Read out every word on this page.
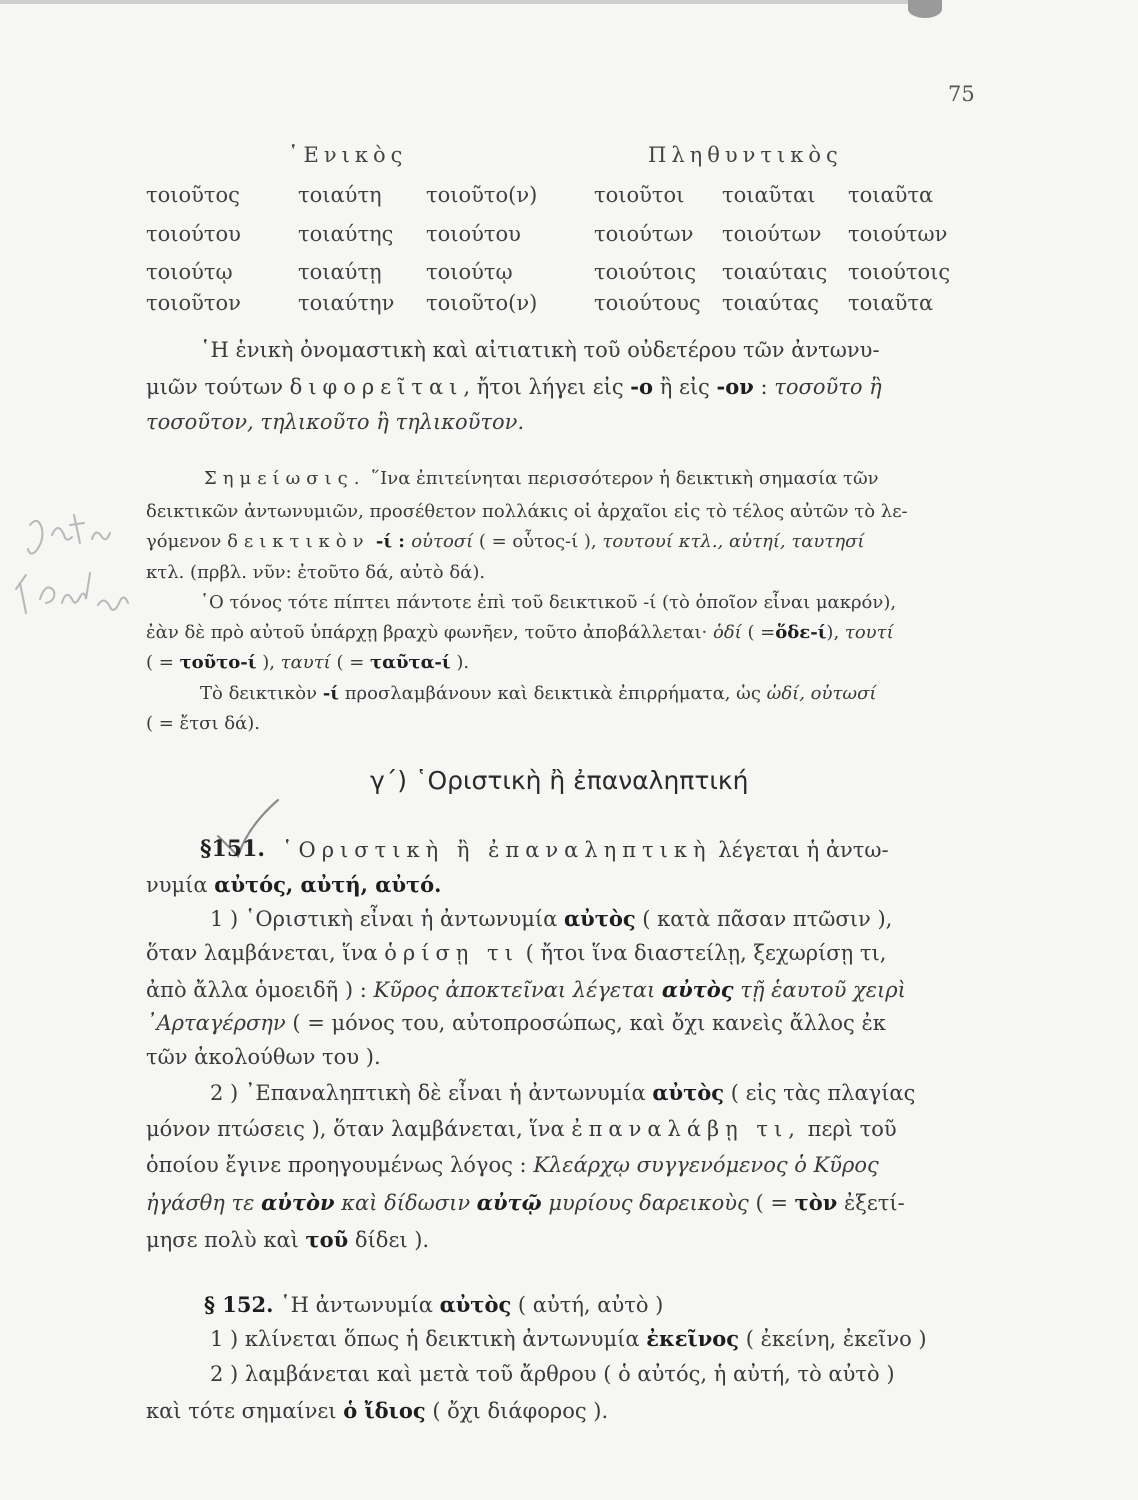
75
῾Ενικὸς	Πληθυντικὸς
τοιοῦτος	τοιαύτη τοιοῦτο(ν)	τοιοῦτοι τοιαῦται τοιαῦτα
τοιούτου	τοιαύτης τοιούτου	τοιούτων τοιούτων τοιούτων
τοιούτῳ	τοιαύτῃ τοιούτῳ	τοιούτοις τοιαύταις τοιούτοις
τοιοῦτον	τοιαύτην τοιοῦτο(ν)	τοιούτους τοιαύτας τοιαῦτα
῾Η ἑνικὴ ὀνομαστικὴ καὶ αἰτιατικὴ τοῦ οὐδετέρου τῶν ἀντωνυ-
μιῶν τούτων διφορεῖται, ἤτοι λήγει εἰς -ο ἢ εἰς -ον : τοσοῦτο ἢ
τοσοῦτον, τηλικοῦτο ἢ τηλικοῦτον.
Σημείωσις. ῞Ινα ἐπιτείνηται περισσότερον ἡ δεικτικὴ σημασία τῶν
δεικτικῶν ἀντωνυμιῶν, προσέθετον πολλάκις οἱ ἀρχαῖοι εἰς τὸ τέλος αὐτῶν τὸ λε-
γόμενον δεικτικὸν -ί : οὑτοσί ( = οὗτος-ί ), τουτουί κτλ., αὑτηί, ταυτησί
κτλ. (πρβλ. νῦν: ἐτοῦτο δά, αὐτὸ δά).
῾Ο τόνος τότε πίπτει πάντοτε ἐπὶ τοῦ δεικτικοῦ -ί (τὸ ὁποῖον εἶναι μακρόν),
ἐὰν δὲ πρὸ αὐτοῦ ὑπάρχῃ βραχὺ φωνῆεν, τοῦτο ἀποβάλλεται· ὁδί ( =ὅδε-ί), τουτί
( = τοῦτο-ί ), ταυτί ( = ταῦτα-ί ).
Τὸ δεικτικὸν -ί προσλαμβάνουν καὶ δεικτικὰ ἐπιρρήματα, ὡς ὡδί, οὑτωσί
( = ἔτσι δά).
γ΄) ῾Οριστικὴ ἢ ἐπαναληπτική
§151. ῾Οριστικὴ ἢ ἐπαναληπτικὴ λέγεται ἡ ἀντω-
νυμία αὐτός, αὐτή, αὐτό.
1 ) ῾Οριστικὴ εἶναι ἡ ἀντωνυμία αὐτὸς ( κατὰ πᾶσαν πτῶσιν ),
ὅταν λαμβάνεται, ἵνα ὁρίσῃ τι ( ἤτοι ἵνα διαστείλῃ, ξεχωρίσῃ τι,
ἀπὸ ἄλλα ὁμοειδῆ ) : Κῦρος ἀποκτεῖναι λέγεται αὐτὸς τῇ ἑαυτοῦ χειρὶ
᾿Αρταγέρσην ( = μόνος του, αὐτοπροσώπως, καὶ ὄχι κανεὶς ἄλλος ἐκ
τῶν ἀκολούθων του ).
2 ) ᾿Επαναληπτικὴ δὲ εἶναι ἡ ἀντωνυμία αὐτὸς ( εἰς τὰς πλαγίας
μόνον πτώσεις ), ὅταν λαμβάνεται, ἵνα ἐπαναλάβῃ τι, περὶ τοῦ
ὁποίου ἔγινε προηγουμένως λόγος : Κλεάρχῳ συγγενόμενος ὁ Κῦρος
ἠγάσθη τε αὐτὸν καὶ δίδωσιν αὐτῷ μυρίους δαρεικοὺς ( = τὸν ἐξετί-
μησε πολὺ καὶ τοῦ δίδει ).
§ 152. ῾Η ἀντωνυμία αὐτὸς ( αὐτή, αὐτὸ )
1 ) κλίνεται ὅπως ἡ δεικτικὴ ἀντωνυμία ἐκεῖνος ( ἐκείνη, ἐκεῖνο )
2 ) λαμβάνεται καὶ μετὰ τοῦ ἄρθρου ( ὁ αὐτός, ἡ αὐτή, τὸ αὐτὸ )
καὶ τότε σημαίνει ὁ ἴδιος ( ὄχι διάφορος ).
